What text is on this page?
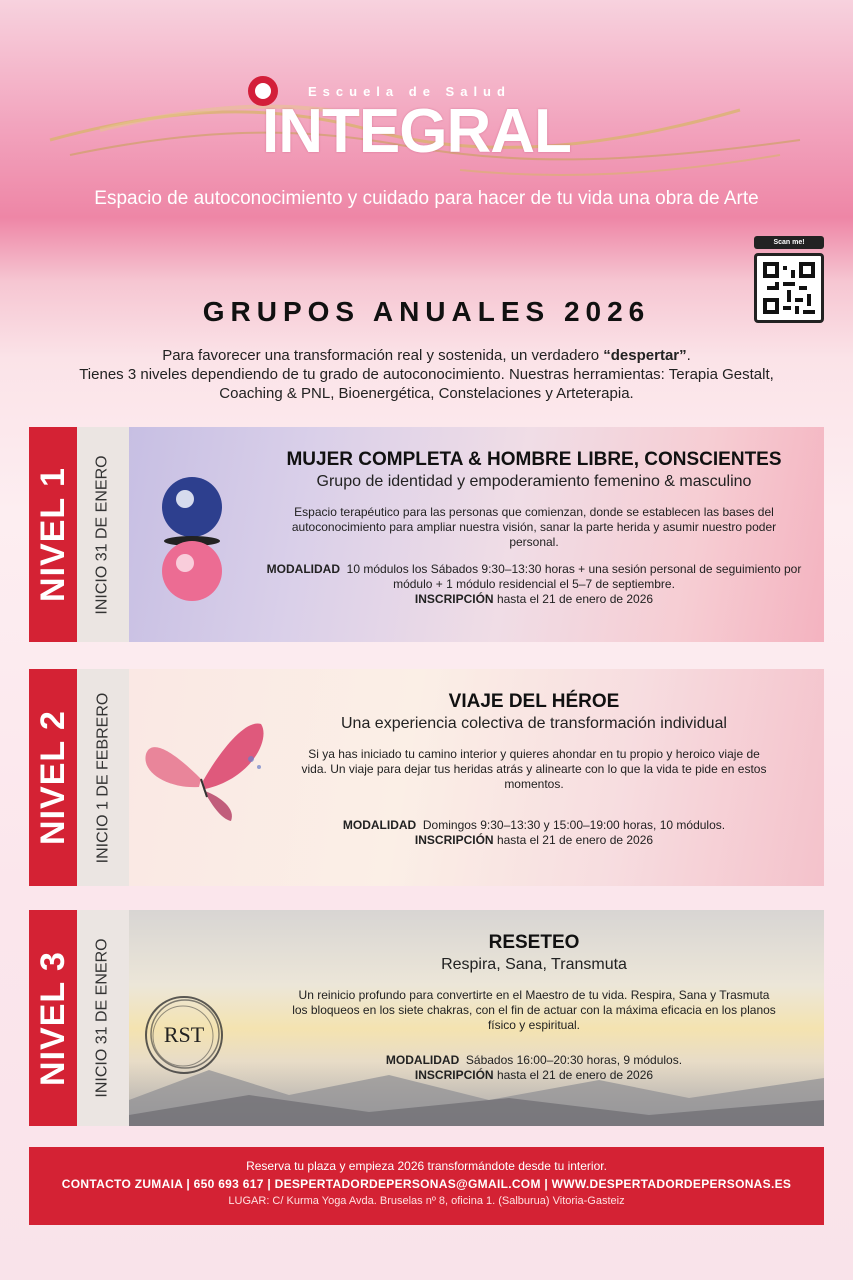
Escuela de Salud
INTEGRAL
Espacio de autoconocimiento y cuidado para hacer de tu vida una obra de Arte
Scan me!
GRUPOS ANUALES 2026
Para favorecer una transformación real y sostenida, un verdadero “despertar”.
Tienes 3 niveles dependiendo de tu grado de autoconocimiento. Nuestras herramientas: Terapia Gestalt, Coaching & PNL, Bioenergética, Constelaciones y Arteterapia.
NIVEL 1 INICIO 31 DE ENERO	MUJER COMPLETA & HOMBRE LIBRE, CONSCIENTES
Grupo de identidad y empoderamiento femenino & masculino
Espacio terapéutico para las personas que comienzan, donde se establecen las bases del autoconocimiento para ampliar nuestra visión, sanar la parte herida y asumir nuestro poder personal.
MODALIDAD 10 módulos los Sábados 9:30–13:30 horas + una sesión personal de seguimiento por módulo + 1 módulo residencial el 5–7 de septiembre.
INSCRIPCIÓN hasta el 21 de enero de 2026
NIVEL 2 INICIO 1 DE FEBRERO	VIAJE DEL HÉROE
Una experiencia colectiva de transformación individual
Si ya has iniciado tu camino interior y quieres ahondar en tu propio y heroico viaje de vida. Un viaje para dejar tus heridas atrás y alinearte con lo que la vida te pide en estos momentos.
MODALIDAD Domingos 9:30–13:30 y 15:00–19:00 horas, 10 módulos.
INSCRIPCIÓN hasta el 21 de enero de 2026
NIVEL 3 INICIO 31 DE ENERO	RST
RESETEO
Respira, Sana, Transmuta
Un reinicio profundo para convertirte en el Maestro de tu vida. Respira, Sana y Trasmuta los bloqueos en los siete chakras, con el fin de actuar con la máxima eficacia en los planos físico y espiritual.
MODALIDAD Sábados 16:00–20:30 horas, 9 módulos.
INSCRIPCIÓN hasta el 21 de enero de 2026
Reserva tu plaza y empieza 2026 transformándote desde tu interior.
CONTACTO ZUMAIA | 650 693 617 | DESPERTADORDEPERSONAS@GMAIL.COM | WWW.DESPERTADORDEPERSONAS.ES
LUGAR: C/ Kurma Yoga Avda. Bruselas nº 8, oficina 1. (Salburua) Vitoria-Gasteiz
